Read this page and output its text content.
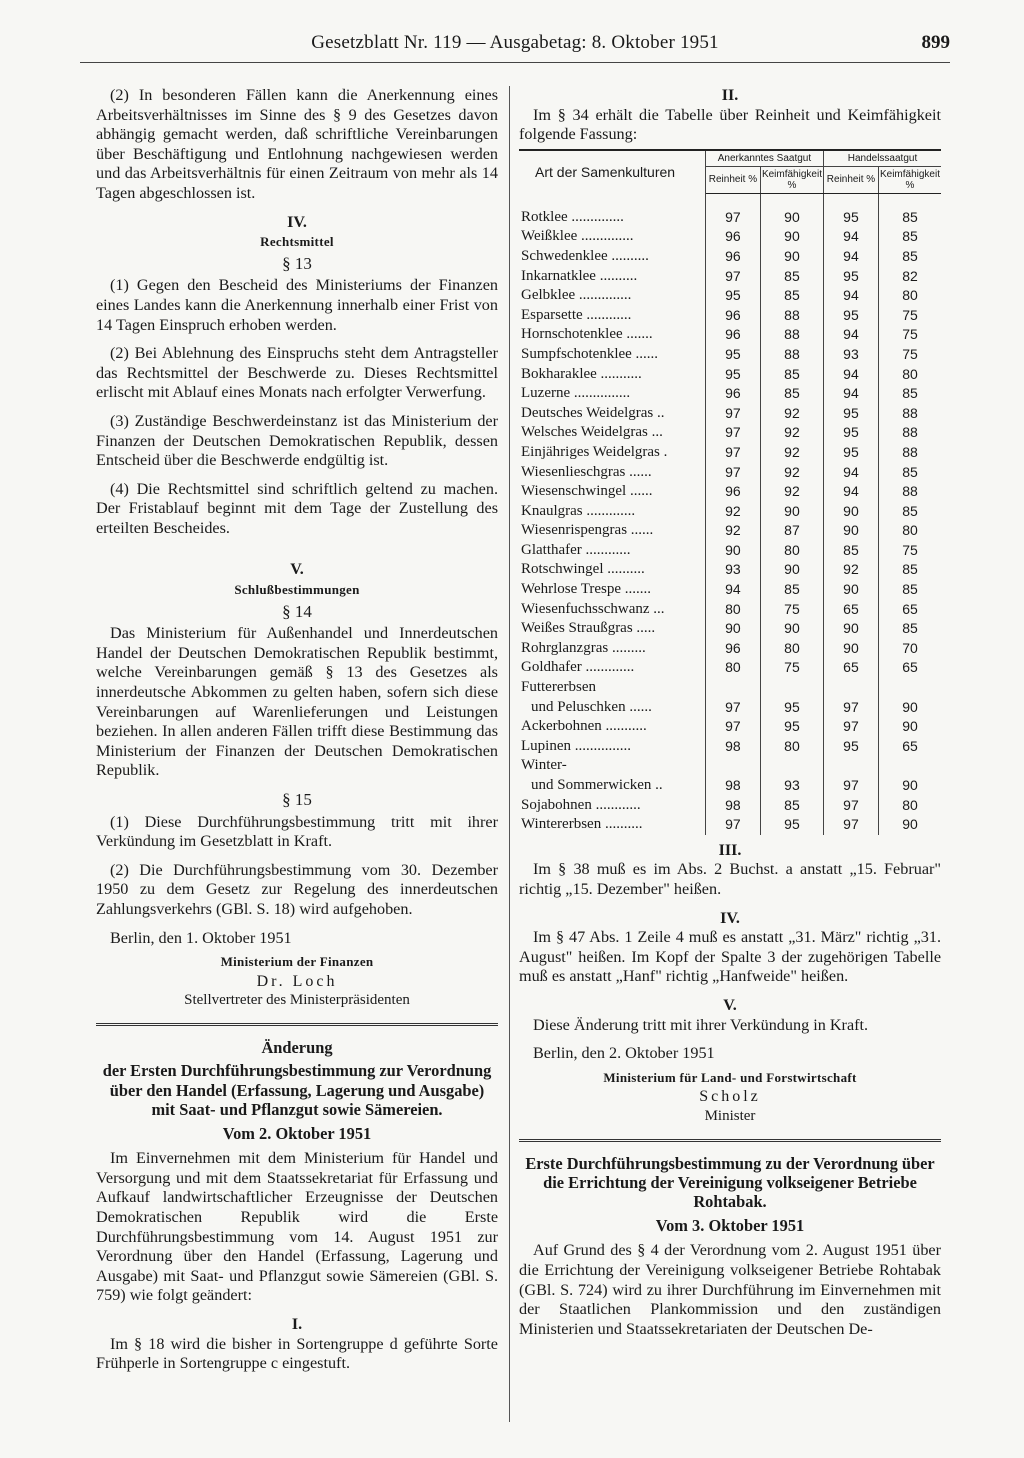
Gesetzblatt Nr. 119 — Ausgabetag: 8. Oktober 1951	899

(2) In besonderen Fällen kann die Anerkennung eines Arbeitsverhältnisses im Sinne des § 9 des Gesetzes davon abhängig gemacht werden, daß schriftliche Vereinbarungen über Beschäftigung und Entlohnung nachgewiesen werden und das Arbeitsverhältnis für einen Zeitraum von mehr als 14 Tagen abgeschlossen ist.

IV.
Rechtsmittel
§ 13

(1) Gegen den Bescheid des Ministeriums der Finanzen eines Landes kann die Anerkennung innerhalb einer Frist von 14 Tagen Einspruch erhoben werden.

(2) Bei Ablehnung des Einspruchs steht dem Antragsteller das Rechtsmittel der Beschwerde zu. Dieses Rechtsmittel erlischt mit Ablauf eines Monats nach erfolgter Verwerfung.

(3) Zuständige Beschwerdeinstanz ist das Ministerium der Finanzen der Deutschen Demokratischen Republik, dessen Entscheid über die Beschwerde endgültig ist.

(4) Die Rechtsmittel sind schriftlich geltend zu machen. Der Fristablauf beginnt mit dem Tage der Zustellung des erteilten Bescheides.

V.
Schlußbestimmungen
§ 14

Das Ministerium für Außenhandel und Innerdeutschen Handel der Deutschen Demokratischen Republik bestimmt, welche Vereinbarungen gemäß § 13 des Gesetzes als innerdeutsche Abkommen zu gelten haben, sofern sich diese Vereinbarungen auf Warenlieferungen und Leistungen beziehen. In allen anderen Fällen trifft diese Bestimmung das Ministerium der Finanzen der Deutschen Demokratischen Republik.

§ 15

(1) Diese Durchführungsbestimmung tritt mit ihrer Verkündung im Gesetzblatt in Kraft.

(2) Die Durchführungsbestimmung vom 30. Dezember 1950 zu dem Gesetz zur Regelung des innerdeutschen Zahlungsverkehrs (GBl. S. 18) wird aufgehoben.

Berlin, den 1. Oktober 1951
Ministerium der Finanzen
Dr. Loch
Stellvertreter des Ministerpräsidenten
Änderung
der Ersten Durchführungsbestimmung zur Verordnung über den Handel (Erfassung, Lagerung und Ausgabe) mit Saat- und Pflanzgut sowie Sämereien.
Vom 2. Oktober 1951

Im Einvernehmen mit dem Ministerium für Handel und Versorgung und mit dem Staatssekretariat für Erfassung und Aufkauf landwirtschaftlicher Erzeugnisse der Deutschen Demokratischen Republik wird die Erste Durchführungsbestimmung vom 14. August 1951 zur Verordnung über den Handel (Erfassung, Lagerung und Ausgabe) mit Saat- und Pflanzgut sowie Sämereien (GBl. S. 759) wie folgt geändert:

I.

Im § 18 wird die bisher in Sortengruppe d geführte Sorte Frühperle in Sortengruppe c eingestuft.

II.

Im § 34 erhält die Tabelle über Reinheit und Keimfähigkeit folgende Fassung:

Art der Samenkulturen	Anerkanntes Saatgut		Handelssaatgut	
	Reinheit %	Keimfähigkeit %	Reinheit %	Keimfähigkeit %

Rotklee ..............	97	90	95	85

Weißklee ..............	96	90	94	85

Schwedenklee ..........	96	90	94	85

Inkarnatklee ..........	97	85	95	82

Gelbklee ..............	95	85	94	80

Esparsette ............	96	88	95	75

Hornschotenklee .......	96	88	94	75

Sumpfschotenklee ......	95	88	93	75

Bokharaklee ...........	95	85	94	80

Luzerne ...............	96	85	94	85

Deutsches Weidelgras ..	97	92	95	88

Welsches Weidelgras ...	97	92	95	88

Einjähriges Weidelgras .	97	92	95	88

Wiesenlieschgras ......	97	92	94	85

Wiesenschwingel ......	96	92	94	88

Knaulgras .............	92	90	90	85

Wiesenrispengras ......	92	87	90	80

Glatthafer ............	90	80	85	75

Rotschwingel ..........	93	90	92	85

Wehrlose Trespe .......	94	85	90	85

Wiesenfuchsschwanz ...	80	75	65	65

Weißes Straußgras .....	90	90	90	85

Rohrglanzgras .........	96	80	90	70

Goldhafer .............	80	75	65	65

Futtererbsen
und Peluschken ......	97	95	97	90

Ackerbohnen ...........	97	95	97	90

Lupinen ...............	98	80	95	65

Winter-
und Sommerwicken ..	98	93	97	90

Sojabohnen ............	98	85	97	80

Wintererbsen ..........	97	95	97	90
III.

Im § 38 muß es im Abs. 2 Buchst. a anstatt „15. Februar" richtig „15. Dezember" heißen.

IV.

Im § 47 Abs. 1 Zeile 4 muß es anstatt „31. März" richtig „31. August" heißen. Im Kopf der Spalte 3 der zugehörigen Tabelle muß es anstatt „Hanf" richtig „Hanfweide" heißen.

V.

Diese Änderung tritt mit ihrer Verkündung in Kraft.

Berlin, den 2. Oktober 1951
Ministerium für Land- und Forstwirtschaft
Scholz
Minister
Erste Durchführungsbestimmung zu der Verordnung über die Errichtung der Vereinigung volkseigener Betriebe Rohtabak.
Vom 3. Oktober 1951

Auf Grund des § 4 der Verordnung vom 2. August 1951 über die Errichtung der Vereinigung volkseigener Betriebe Rohtabak (GBl. S. 724) wird zu ihrer Durchführung im Einvernehmen mit der Staatlichen Plankommission und den zuständigen Ministerien und Staatssekretariaten der Deutschen De-
